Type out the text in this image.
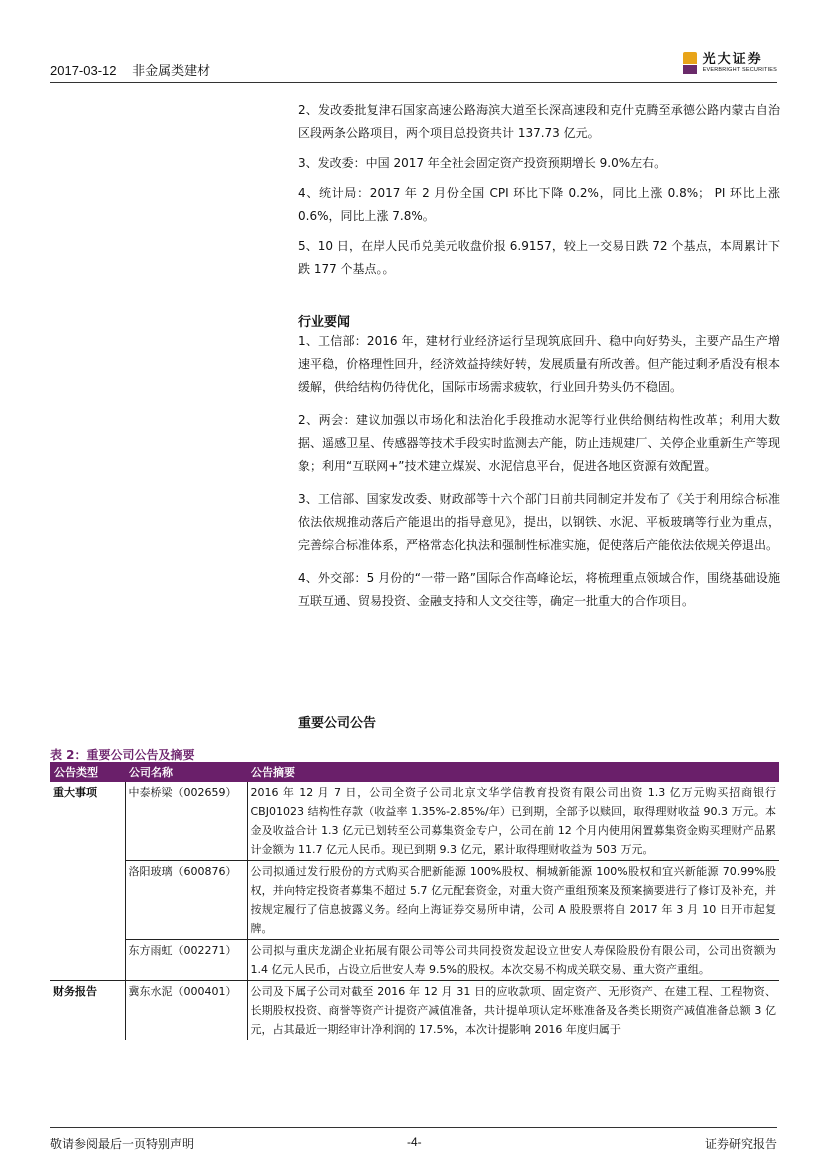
2017-03-12 非金属类建材
光大证券
EVERBRIGHT SECURITIES

2、发改委批复津石国家高速公路海滨大道至长深高速段和克什克腾至承德公路内蒙古自治区段两条公路项目，两个项目总投资共计 137.73 亿元。

3、发改委：中国 2017 年全社会固定资产投资预期增长 9.0%左右。

4、统计局：2017 年 2 月份全国 CPI 环比下降 0.2%，同比上涨 0.8%； PI 环比上涨 0.6%，同比上涨 7.8%。

5、10 日，在岸人民币兑美元收盘价报 6.9157，较上一交易日跌 72 个基点，本周累计下跌 177 个基点。。

行业要闻

1、工信部：2016 年，建材行业经济运行呈现筑底回升、稳中向好势头，主要产品生产增速平稳，价格理性回升，经济效益持续好转，发展质量有所改善。但产能过剩矛盾没有根本缓解，供给结构仍待优化，国际市场需求疲软，行业回升势头仍不稳固。

2、两会：建议加强以市场化和法治化手段推动水泥等行业供给侧结构性改革；利用大数据、遥感卫星、传感器等技术手段实时监测去产能，防止违规建厂、关停企业重新生产等现象；利用“互联网+”技术建立煤炭、水泥信息平台，促进各地区资源有效配置。

3、工信部、国家发改委、财政部等十六个部门日前共同制定并发布了《关于利用综合标准依法依规推动落后产能退出的指导意见》，提出，以钢铁、水泥、平板玻璃等行业为重点，完善综合标准体系，严格常态化执法和强制性标准实施，促使落后产能依法依规关停退出。

4、外交部：5 月份的“一带一路”国际合作高峰论坛，将梳理重点领域合作，围绕基础设施互联互通、贸易投资、金融支持和人文交往等，确定一批重大的合作项目。

重要公司公告
表 2：重要公司公告及摘要
公告类型	公司名称	公告摘要
重大事项	中泰桥梁（002659）	2016 年 12 月 7 日，公司全资子公司北京文华学信教育投资有限公司出资 1.3 亿万元购买招商银行 CBJ01023 结构性存款（收益率 1.35%-2.85%/年）已到期，全部予以赎回，取得理财收益 90.3 万元。本金及收益合计 1.3 亿元已划转至公司募集资金专户，公司在前 12 个月内使用闲置募集资金购买理财产品累计金额为 11.7 亿元人民币。现已到期 9.3 亿元，累计取得理财收益为 503 万元。
	洛阳玻璃（600876）	公司拟通过发行股份的方式购买合肥新能源 100%股权、桐城新能源 100%股权和宜兴新能源 70.99%股权，并向特定投资者募集不超过 5.7 亿元配套资金，对重大资产重组预案及预案摘要进行了修订及补充，并按规定履行了信息披露义务。经向上海证券交易所申请，公司 A 股股票将自 2017 年 3 月 10 日开市起复牌。
	东方雨虹（002271）	公司拟与重庆龙湖企业拓展有限公司等公司共同投资发起设立世安人寿保险股份有限公司，公司出资额为 1.4 亿元人民币，占设立后世安人寿 9.5%的股权。本次交易不构成关联交易、重大资产重组。
财务报告	冀东水泥（000401）	公司及下属子公司对截至 2016 年 12 月 31 日的应收款项、固定资产、无形资产、在建工程、工程物资、长期股权投资、商誉等资产计提资产减值准备，共计提单项认定坏账准备及各类长期资产减值准备总额 3 亿元，占其最近一期经审计净利润的 17.5%，本次计提影响 2016 年度归属于
敬请参阅最后一页特别声明	-4-	证券研究报告
